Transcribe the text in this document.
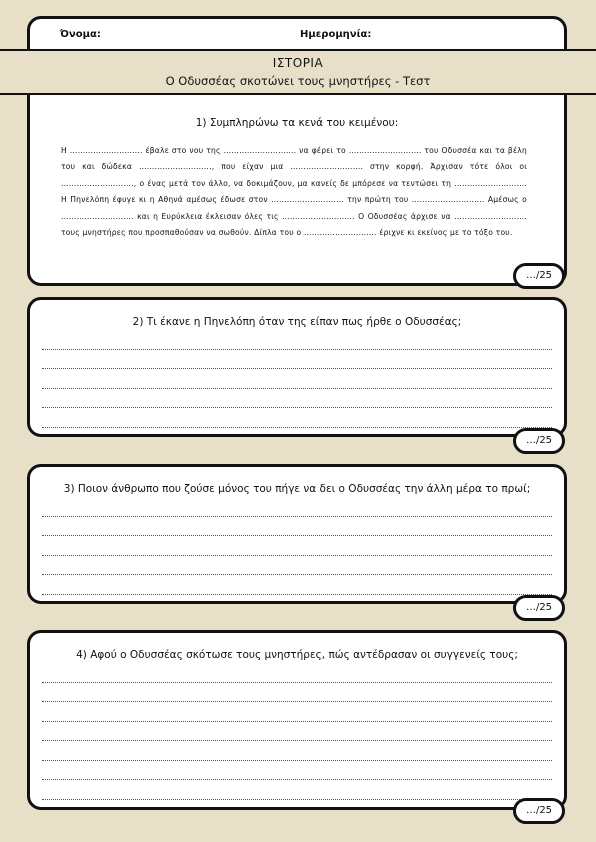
Όνομα:	Ημερομηνία:
1) Συμπληρώνω τα κενά του κειμένου:
Η ………………………. έβαλε στο νου της ………………………. να φέρει το ………………………. του Οδυσσέα και τα βέλη του και δώδεκα ………………………., που είχαν μια ………………………. στην κορφή. Άρχισαν τότε όλοι οι ………………………., ο ένας μετά τον άλλο, να δοκιμάζουν, μα κανείς δε μπόρεσε να τεντώσει τη ………………………. Η Πηνελόπη έφυγε κι η Αθηνά αμέσως έδωσε στον ………………………. την πρώτη του ………………………. Αμέσως ο ………………………. και η Ευρύκλεια έκλεισαν όλες τις ………………………. Ο Οδυσσέας άρχισε να ………………………. τους μνηστήρες που προσπαθούσαν να σωθούν. Δίπλα του ο ………………………. έριχνε κι εκείνος με το τόξο του.
ΙΣΤΟΡΙΑ
Ο Οδυσσέας σκοτώνει τους μνηστήρες - Τεστ
…/25
2) Τι έκανε η Πηνελόπη όταν της είπαν πως ήρθε ο Οδυσσέας;
…/25
3) Ποιον άνθρωπο που ζούσε μόνος του πήγε να δει ο Οδυσσέας την άλλη μέρα το πρωί;
…/25
4) Αφού ο Οδυσσέας σκότωσε τους μνηστήρες, πώς αντέδρασαν οι συγγενείς τους;
…/25
